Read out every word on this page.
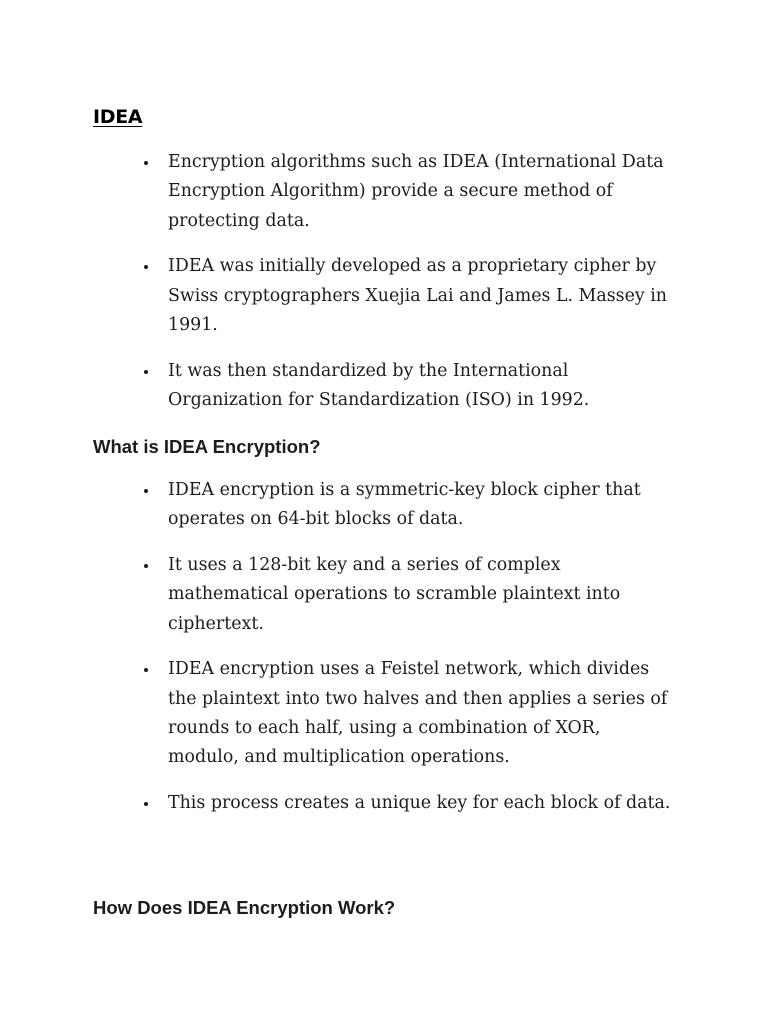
IDEA
Encryption algorithms such as IDEA (International Data Encryption Algorithm) provide a secure method of protecting data.
IDEA was initially developed as a proprietary cipher by Swiss cryptographers Xuejia Lai and James L. Massey in 1991.
It was then standardized by the International Organization for Standardization (ISO) in 1992.
What is IDEA Encryption?
IDEA encryption is a symmetric-key block cipher that operates on 64-bit blocks of data.
It uses a 128-bit key and a series of complex mathematical operations to scramble plaintext into ciphertext.
IDEA encryption uses a Feistel network, which divides the plaintext into two halves and then applies a series of rounds to each half, using a combination of XOR, modulo, and multiplication operations.
This process creates a unique key for each block of data.
How Does IDEA Encryption Work?
